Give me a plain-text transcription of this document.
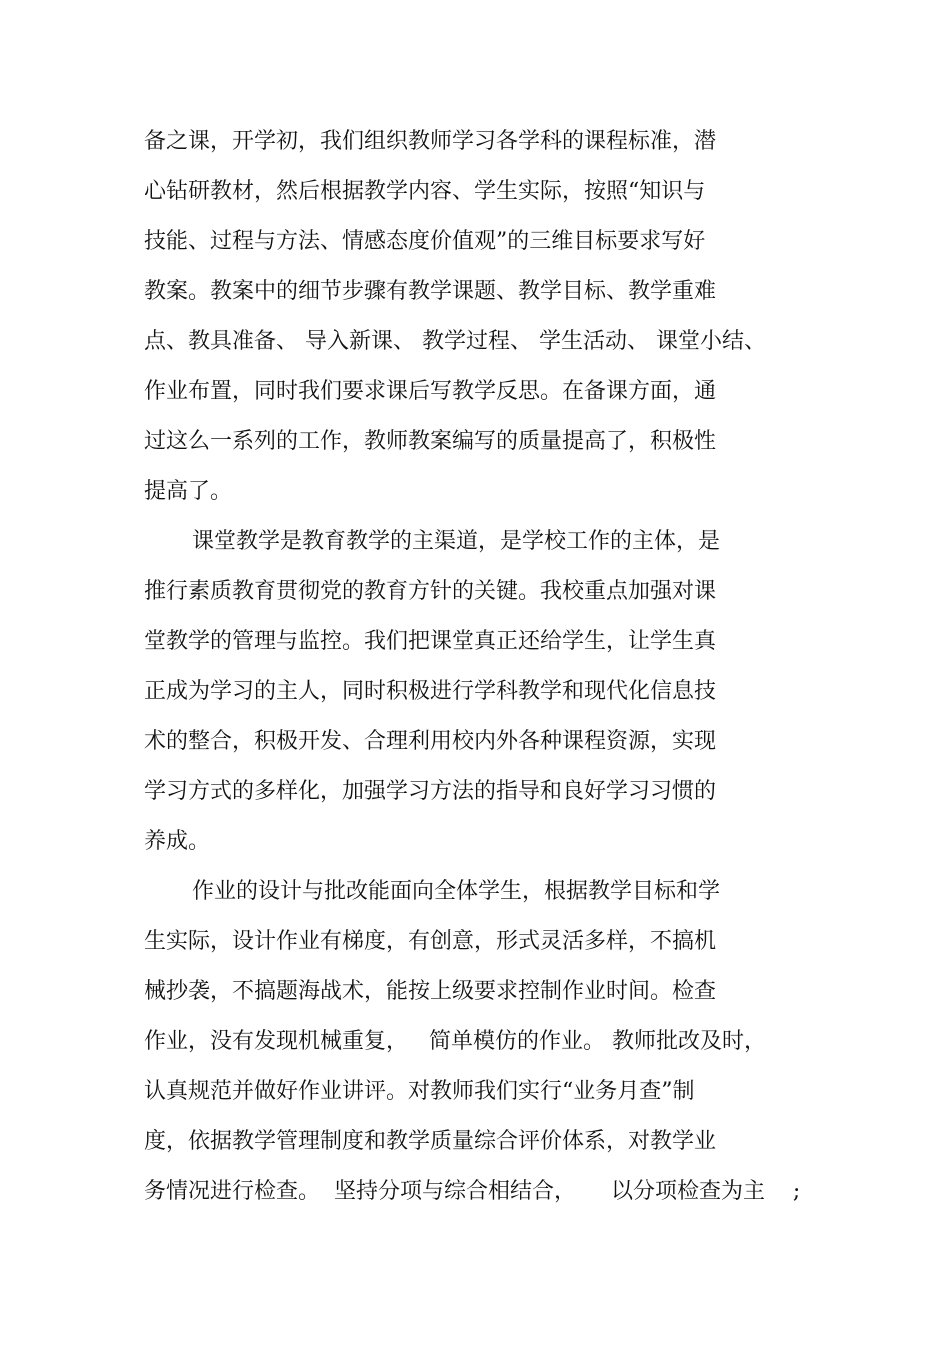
备之课，开学初，我们组织教师学习各学科的课程标准，潜
心钻研教材，然后根据教学内容、学生实际，按照“知识与
技能、过程与方法、情感态度价值观”的三维目标要求写好
教案。教案中的细节步骤有教学课题、教学目标、教学重难
点、教具准备、 导入新课、 教学过程、 学生活动、 课堂小结、
作业布置，同时我们要求课后写教学反思。在备课方面，通
过这么一系列的工作，教师教案编写的质量提高了，积极性
提高了。
课堂教学是教育教学的主渠道，是学校工作的主体，是
推行素质教育贯彻党的教育方针的关键。我校重点加强对课
堂教学的管理与监控。我们把课堂真正还给学生，让学生真
正成为学习的主人，同时积极进行学科教学和现代化信息技
术的整合，积极开发、合理利用校内外各种课程资源，实现
学习方式的多样化，加强学习方法的指导和良好学习习惯的
养成。
作业的设计与批改能面向全体学生，根据教学目标和学
生实际，设计作业有梯度，有创意，形式灵活多样，不搞机
械抄袭，不搞题海战术，能按上级要求控制作业时间。检查
作业，没有发现机械重复，   简单模仿的作业。 教师批改及时，
认真规范并做好作业讲评。对教师我们实行“业务月查”制
度，依据教学管理制度和教学质量综合评价体系，对教学业
务情况进行检查。  坚持分项与综合相结合，     以分项检查为主    ;
